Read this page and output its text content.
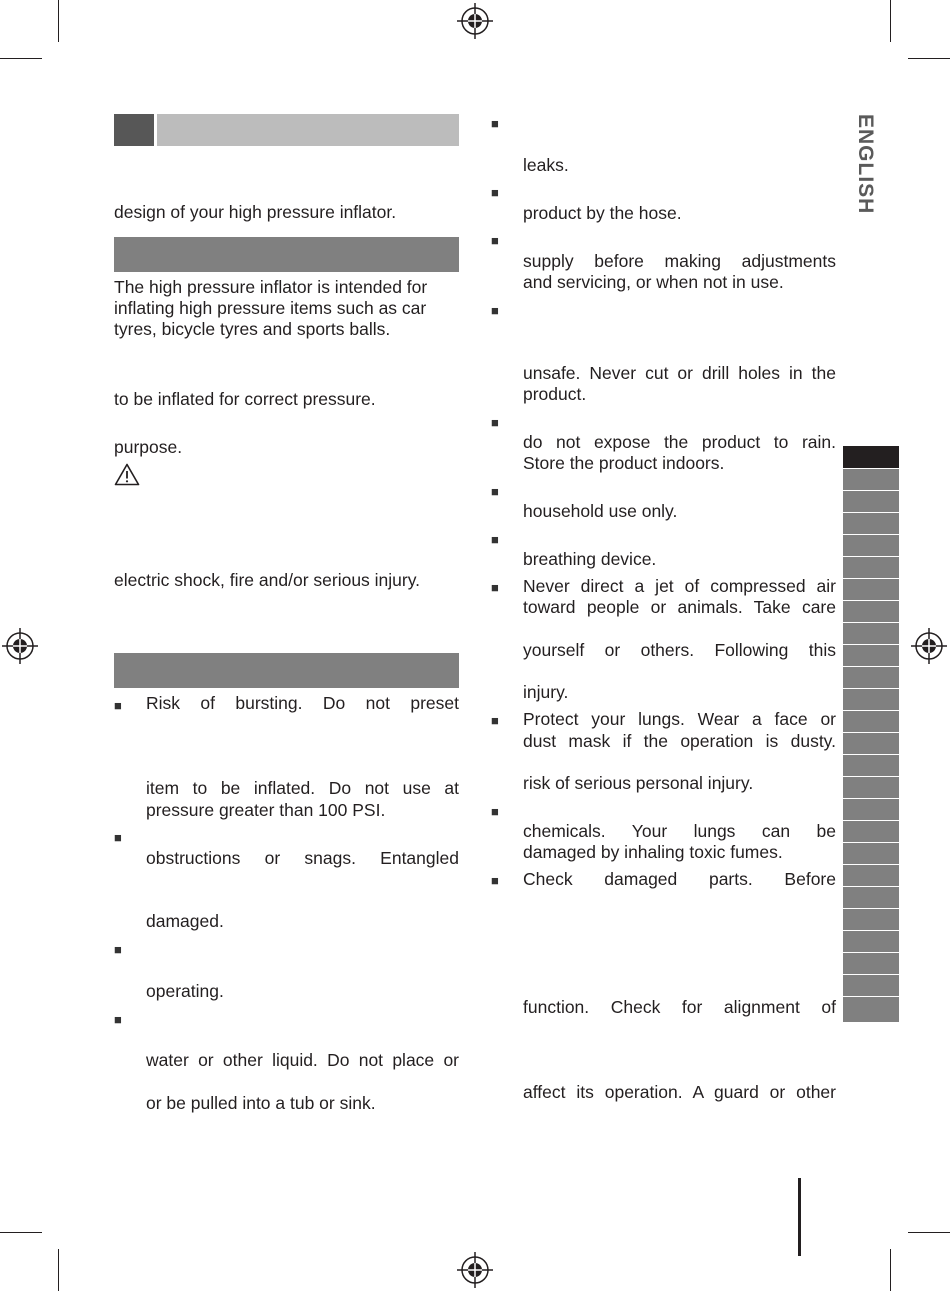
ENGLISH
design of your high pressure inflator.
The high pressure inflator is intended for
inflating high pressure items such as car
tyres, bicycle tyres and sports balls.
to be inflated for correct pressure.
purpose.
electric shock, fire and/or serious injury.
■ Risk of bursting. Do not preset
item to be inflated. Do not use at
pressure greater than 100 PSI.
■
obstructions or snags. Entangled
damaged.
■
operating.
■
water or other liquid. Do not place or
or be pulled into a tub or sink.
■
leaks.
■
product by the hose.
■
supply before making adjustments
and servicing, or when not in use.
■
unsafe. Never cut or drill holes in the
product.
■
do not expose the product to rain.
Store the product indoors.
■
household use only.
■
breathing device.
■ Never direct a jet of compressed air
toward people or animals. Take care
yourself or others. Following this
injury.
■ Protect your lungs. Wear a face or
dust mask if the operation is dusty.
risk of serious personal injury.
■
chemicals. Your lungs can be
damaged by inhaling toxic fumes.
■ Check damaged parts. Before
function. Check for alignment of
affect its operation. A guard or other
